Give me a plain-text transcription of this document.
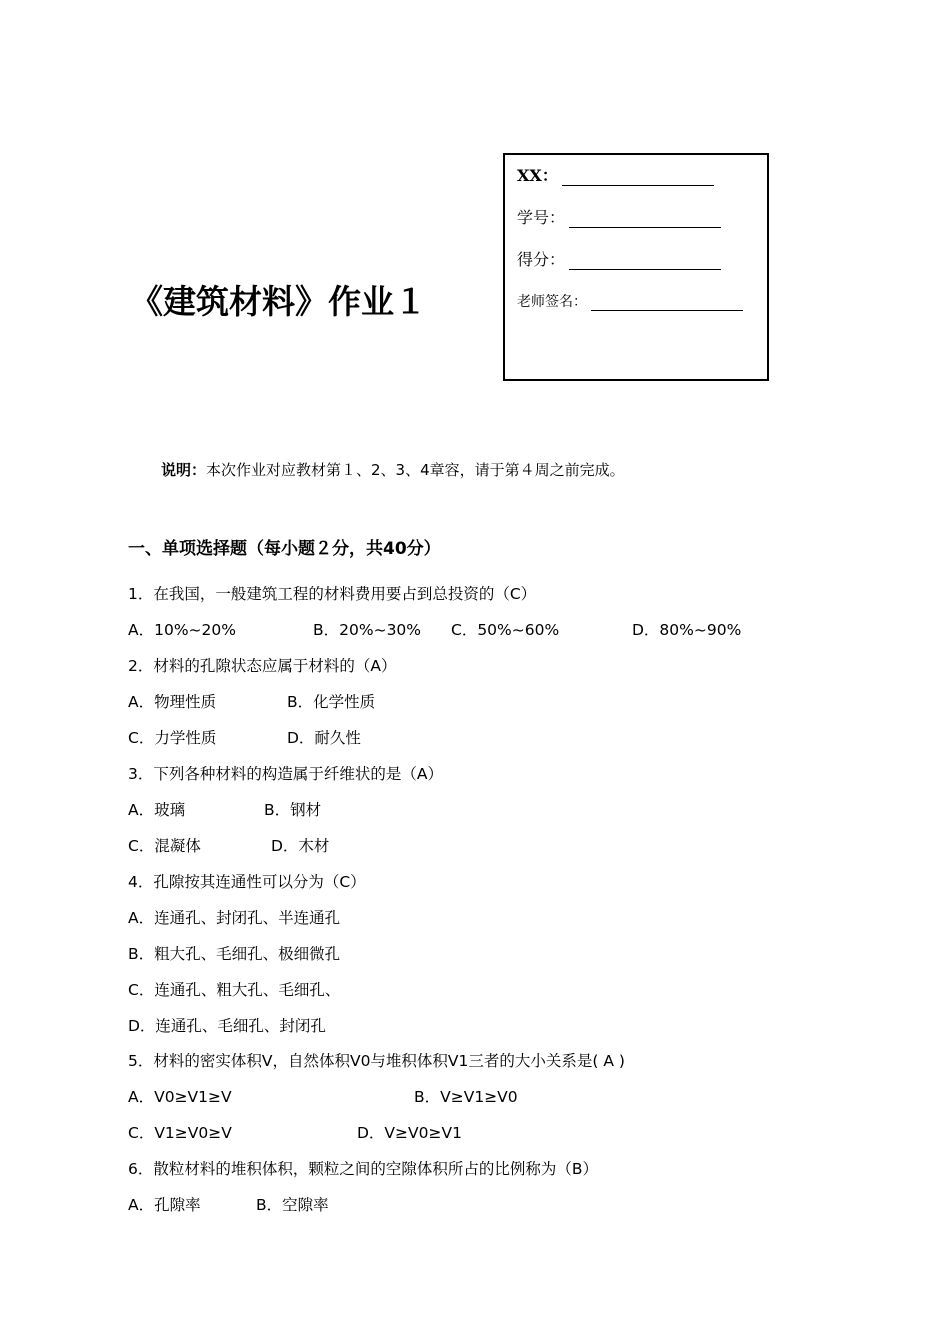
《建筑材料》作业１
XX：
学号：
得分：
老师签名：
说明：本次作业对应教材第１、2、3、4章容，请于第４周之前完成。
一、单项选择题（每小题２分，共40分）
1．在我国，一般建筑工程的材料费用要占到总投资的（C）
A．10%~20%	B．20%~30% C．50%~60%	D．80%~90%
2．材料的孔隙状态应属于材料的（A）
A．物理性质	B．化学性质
C．力学性质	D．耐久性
3．下列各种材料的构造属于纤维状的是（A）
A．玻璃	B．钢材
C．混凝体	D．木材
4．孔隙按其连通性可以分为（C）
A．连通孔、封闭孔、半连通孔
B．粗大孔、毛细孔、极细微孔
C．连通孔、粗大孔、毛细孔、
D．连通孔、毛细孔、封闭孔
5．材料的密实体积V，自然体积V0与堆积体积V1三者的大小关系是( A )
A．V0≥V1≥V	B．V≥V1≥V0
C．V1≥V0≥V	D．V≥V0≥V1
6．散粒材料的堆积体积，颗粒之间的空隙体积所占的比例称为（B）
A．孔隙率	B．空隙率
